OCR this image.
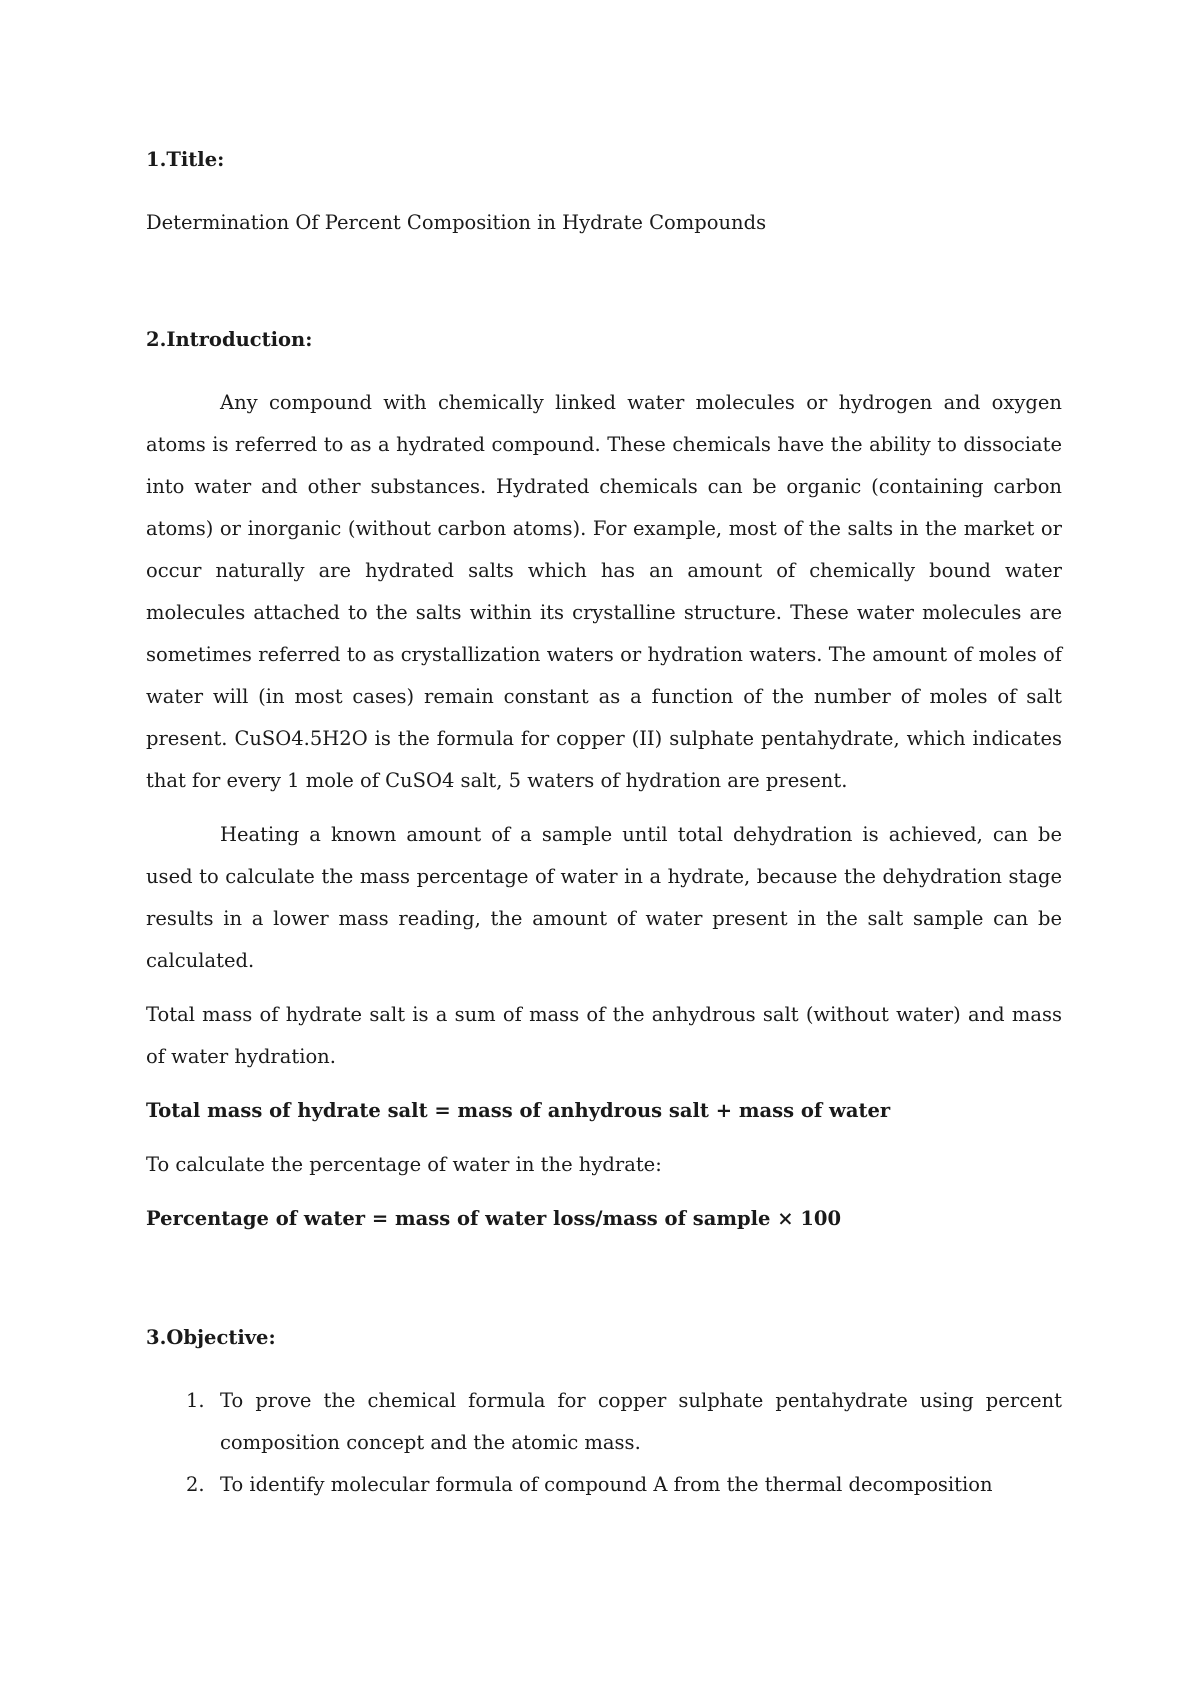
1.Title:

Determination Of Percent Composition in Hydrate Compounds

2.Introduction:

Any compound with chemically linked water molecules or hydrogen and oxygen atoms is referred to as a hydrated compound. These chemicals have the ability to dissociate into water and other substances. Hydrated chemicals can be organic (containing carbon atoms) or inorganic (without carbon atoms). For example, most of the salts in the market or occur naturally are hydrated salts which has an amount of chemically bound water molecules attached to the salts within its crystalline structure. These water molecules are sometimes referred to as crystallization waters or hydration waters. The amount of moles of water will (in most cases) remain constant as a function of the number of moles of salt present. CuSO4.5H2O is the formula for copper (II) sulphate pentahydrate, which indicates that for every 1 mole of CuSO4 salt, 5 waters of hydration are present.

Heating a known amount of a sample until total dehydration is achieved, can be used to calculate the mass percentage of water in a hydrate, because the dehydration stage results in a lower mass reading, the amount of water present in the salt sample can be calculated.

Total mass of hydrate salt is a sum of mass of the anhydrous salt (without water) and mass of water hydration.

Total mass of hydrate salt = mass of anhydrous salt + mass of water

To calculate the percentage of water in the hydrate:

Percentage of water = mass of water loss/mass of sample × 100

3.Objective:

1. To prove the chemical formula for copper sulphate pentahydrate using percent composition concept and the atomic mass.
2. To identify molecular formula of compound A from the thermal decomposition
